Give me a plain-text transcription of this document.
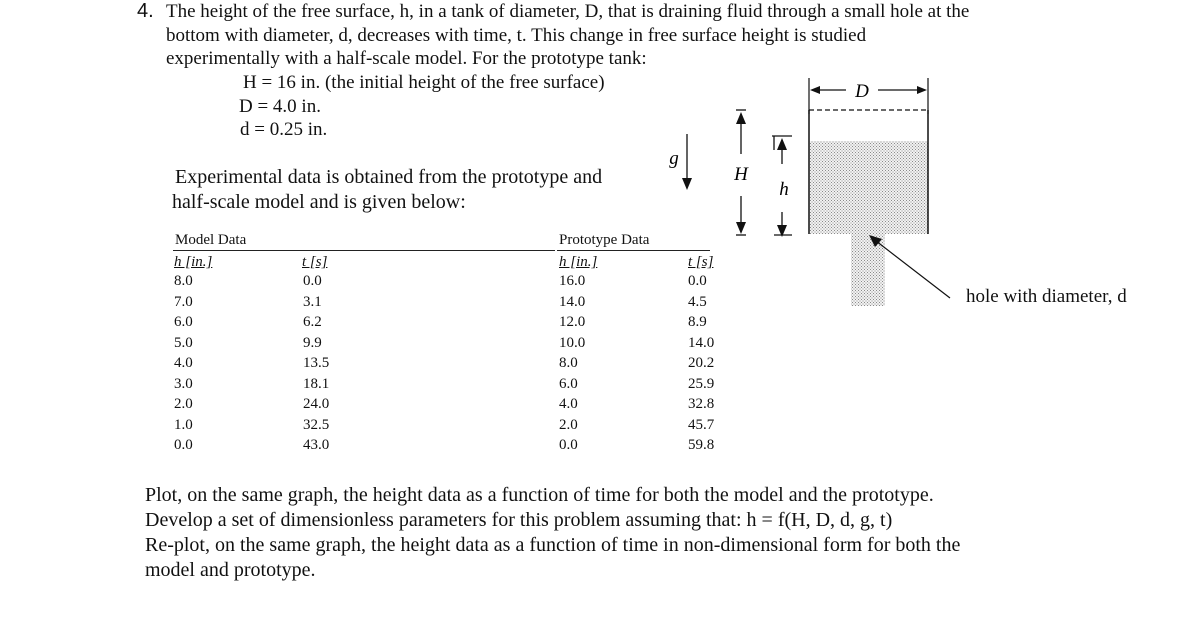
4. The height of the free surface, h, in a tank of diameter, D, that is draining fluid through a small hole at the
bottom with diameter, d, decreases with time, t. This change in free surface height is studied
experimentally with a half-scale model. For the prototype tank:
H = 16 in. (the initial height of the free surface)
D = 4.0 in.
d = 0.25 in.
Experimental data is obtained from the prototype and
half-scale model and is given below:
Model Data
h [in.]	t [s]
8.0	0.0
7.0	3.1
6.0	6.2
5.0	9.9
4.0	13.5
3.0	18.1
2.0	24.0
1.0	32.5
0.0	43.0
Prototype Data
h [in.]	t [s]
16.0	0.0
14.0	4.5
12.0	8.9
10.0	14.0
8.0	20.2
6.0	25.9
4.0	32.8
2.0	45.7
0.0	59.8
D
g
H
h
hole with diameter, d
Plot, on the same graph, the height data as a function of time for both the model and the prototype.
Develop a set of dimensionless parameters for this problem assuming that: h = f(H, D, d, g, t)
Re-plot, on the same graph, the height data as a function of time in non-dimensional form for both the
model and prototype.
